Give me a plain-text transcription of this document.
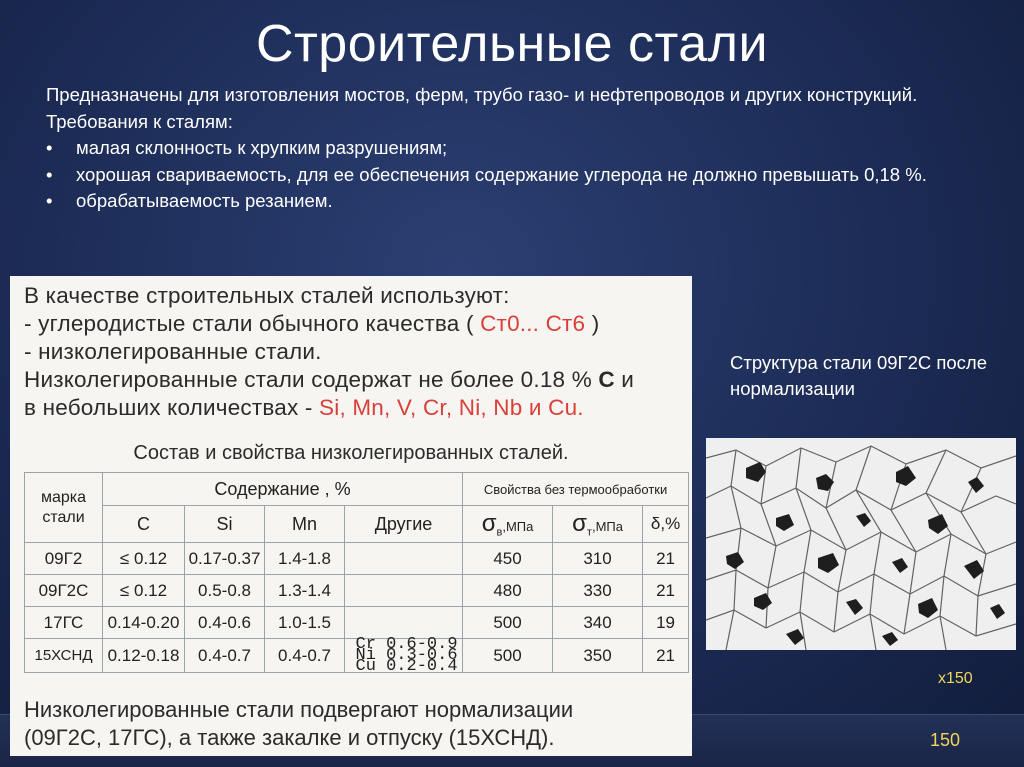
Строительные стали

Предназначены для изготовления мостов, ферм, трубо газо- и нефтепроводов и других конструкций.

Требования к сталям:

• малая склонность к хрупким разрушениям;
• хорошая свариваемость, для ее обеспечения содержание углерода не должно превышать 0,18 %.
• обрабатываемость резанием.
В качестве строительных сталей используют:
- углеродистые стали обычного качества ( Ст0... Ст6 )
- низколегированные стали.
Низколегированные стали содержат не более 0.18 % С и
в небольших количествах - Si, Mn, V, Cr, Ni, Nb и Cu.
Состав и свойства низколегированных сталей.
марка стали	Содержание , %				Свойства без термообработки		
	С	Si	Mn	Другие	$\sigma_в,МПа$	$\sigma_т,МПа$	δ,%
09Г2	≤ 0.12	0.17-0.37	1.4-1.8		450	310	21
09Г2С	≤ 0.12	0.5-0.8	1.3-1.4		480	330	21
17ГС	0.14-0.20	0.4-0.6	1.0-1.5		500	340	19
15ХСНД	0.12-0.18	0.4-0.7	0.4-0.7	Cr 0.6-0.9 Ni 0.3-0.6 Cu 0.2-0.4	500	350	21
Низколегированные стали подвергают нормализации
(09Г2С, 17ГС), а также закалке и отпуску (15ХСНД).
Структура стали 09Г2С после нормализации
x150
150
